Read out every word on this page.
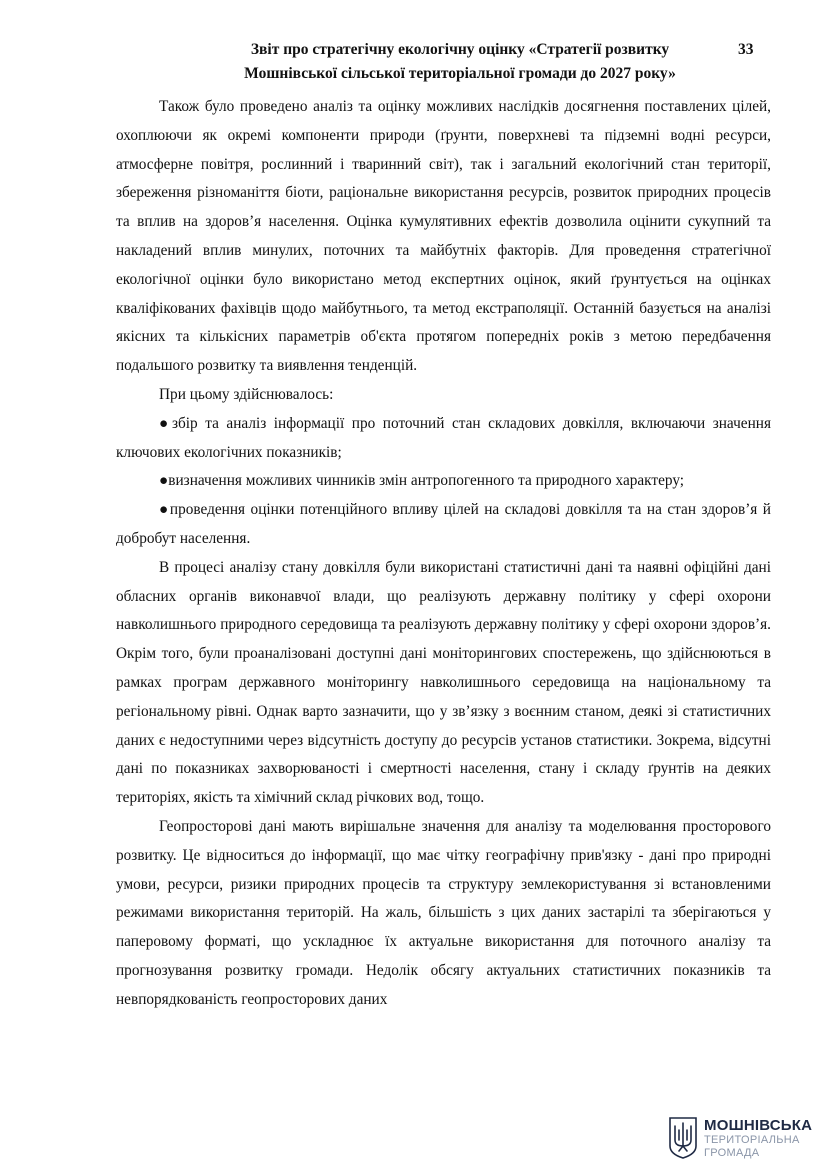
Звіт про стратегічну екологічну оцінку «Стратегії розвитку
Мошнівської сільської територіальної громади до 2027 року»
33

Також було проведено аналіз та оцінку можливих наслідків досягнення поставлених цілей, охоплюючи як окремі компоненти природи (ґрунти, поверхневі та підземні водні ресурси, атмосферне повітря, рослинний і тваринний світ), так і загальний екологічний стан території, збереження різноманіття біоти, раціональне використання ресурсів, розвиток природних процесів та вплив на здоров’я населення. Оцінка кумулятивних ефектів дозволила оцінити сукупний та накладений вплив минулих, поточних та майбутніх факторів. Для проведення стратегічної екологічної оцінки було використано метод експертних оцінок, який ґрунтується на оцінках кваліфікованих фахівців щодо майбутнього, та метод екстраполяції. Останній базується на аналізі якісних та кількісних параметрів об'єкта протягом попередніх років з метою передбачення подальшого розвитку та виявлення тенденцій.

При цьому здійснювалось:

●збір та аналіз інформації про поточний стан складових довкілля, включаючи значення ключових екологічних показників;

●визначення можливих чинників змін антропогенного та природного характеру;

●проведення оцінки потенційного впливу цілей на складові довкілля та на стан здоров’я й добробут населення.

В процесі аналізу стану довкілля були використані статистичні дані та наявні офіційні дані обласних органів виконавчої влади, що реалізують державну політику у сфері охорони навколишнього природного середовища та реалізують державну політику у сфері охорони здоров’я. Окрім того, були проаналізовані доступні дані моніторингових спостережень, що здійснюються в рамках програм державного моніторингу навколишнього середовища на національному та регіональному рівні. Однак варто зазначити, що у зв’язку з воєнним станом, деякі зі статистичних даних є недоступними через відсутність доступу до ресурсів установ статистики. Зокрема, відсутні дані по показниках захворюваності і смертності населення, стану і складу ґрунтів на деяких територіях, якість та хімічний склад річкових вод, тощо.

Геопросторові дані мають вирішальне значення для аналізу та моделювання просторового розвитку. Це відноситься до інформації, що має чітку географічну прив'язку - дані про природні умови, ресурси, ризики природних процесів та структуру землекористування зі встановленими режимами використання територій. На жаль, більшість з цих даних застарілі та зберігаються у паперовому форматі, що ускладнює їх актуальне використання для поточного аналізу та прогнозування розвитку громади. Недолік обсягу актуальних статистичних показників та невпорядкованість геопросторових даних

МОШНІВСЬКА
ТЕРИТОРІАЛЬНА
ГРОМАДА
